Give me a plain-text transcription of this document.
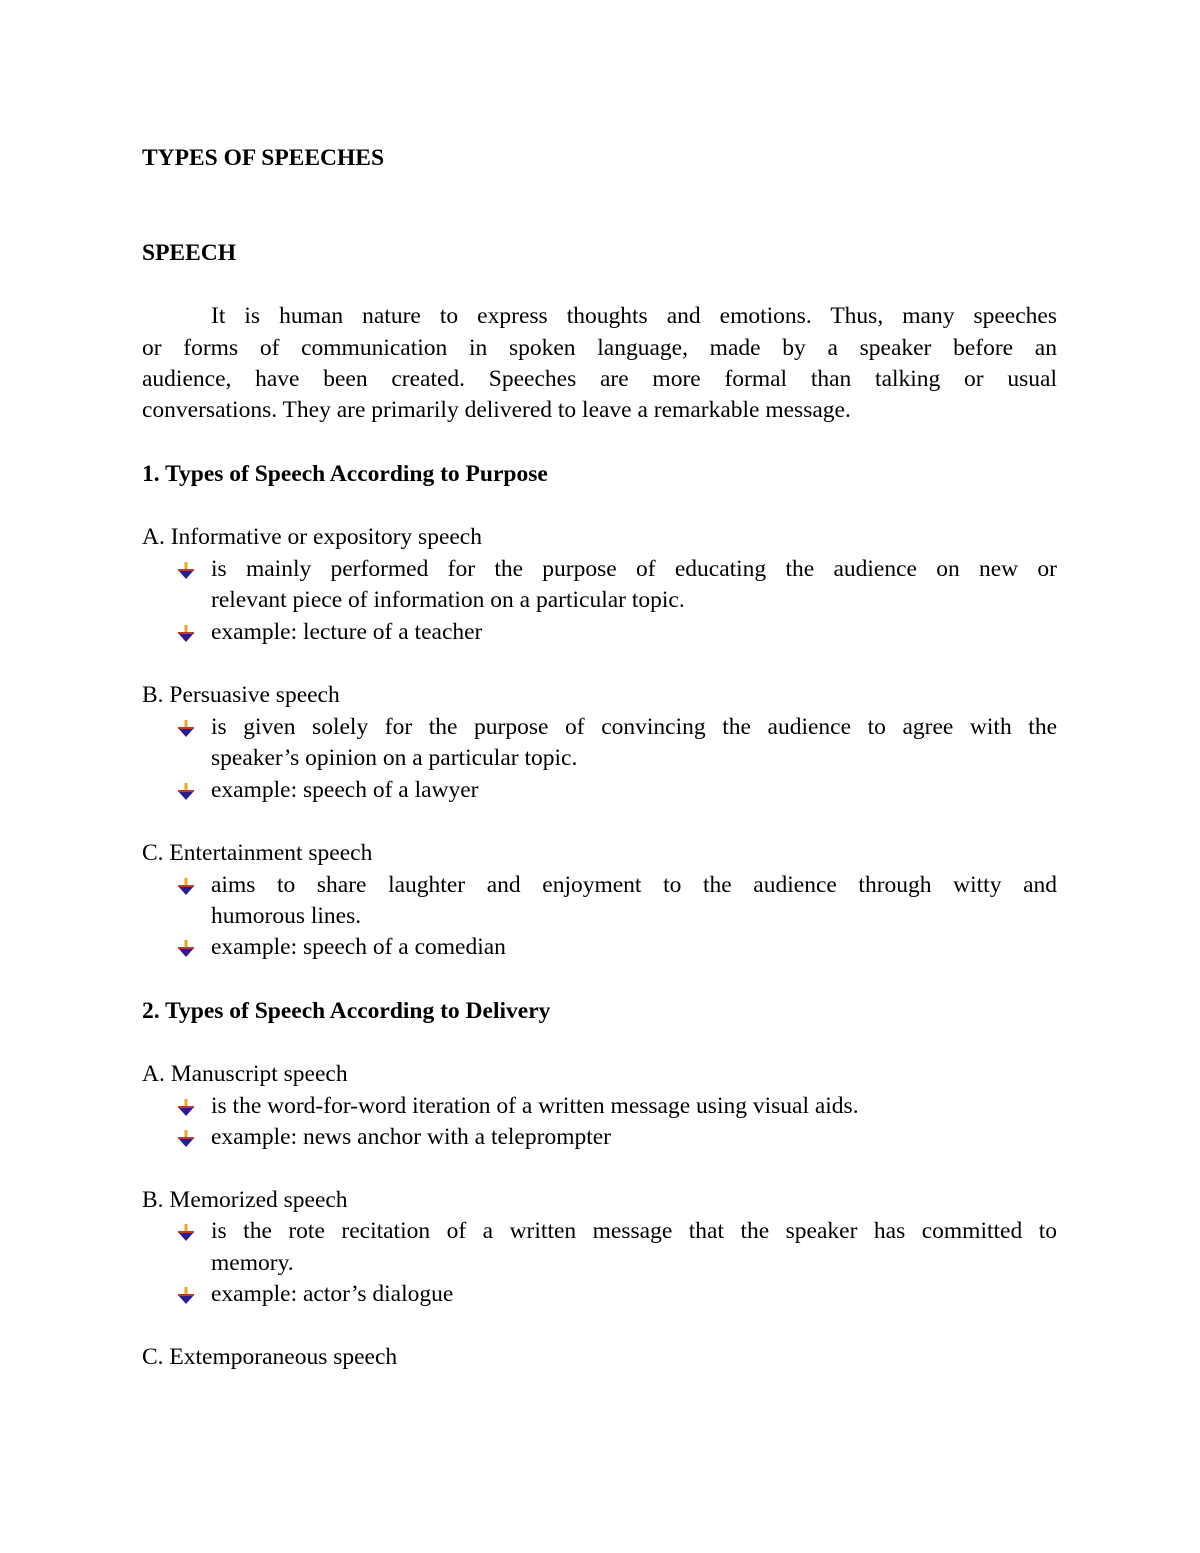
TYPES OF SPEECHES
SPEECH
It is human nature to express thoughts and emotions. Thus, many speeches
or forms of communication in spoken language, made by a speaker before an
audience, have been created. Speeches are more formal than talking or usual
conversations. They are primarily delivered to leave a remarkable message.
1. Types of Speech According to Purpose
A. Informative or expository speech
is mainly performed for the purpose of educating the audience on new or
relevant piece of information on a particular topic.
example: lecture of a teacher
B. Persuasive speech
is given solely for the purpose of convincing the audience to agree with the
speaker’s opinion on a particular topic.
example: speech of a lawyer
C. Entertainment speech
aims to share laughter and enjoyment to the audience through witty and
humorous lines.
example: speech of a comedian
2. Types of Speech According to Delivery
A. Manuscript speech
is the word-for-word iteration of a written message using visual aids.
example: news anchor with a teleprompter
B. Memorized speech
is the rote recitation of a written message that the speaker has committed to
memory.
example: actor’s dialogue
C. Extemporaneous speech
